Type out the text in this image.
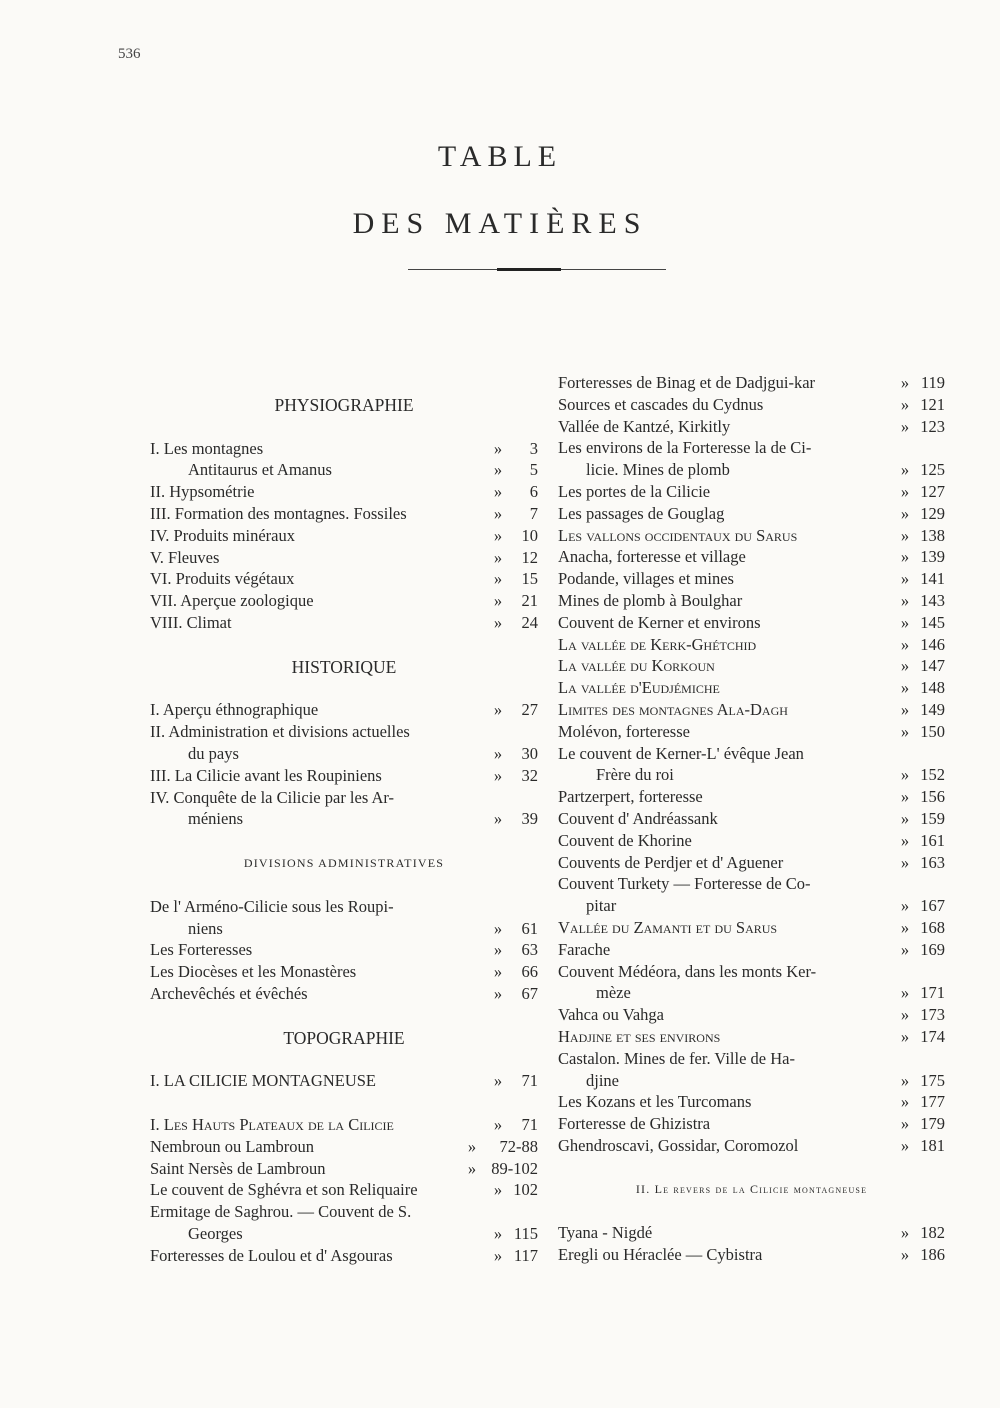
536
TABLE
DES MATIÈRES
PHYSIOGRAPHIE
I. Les montagnes	»	3
Antitaurus et Amanus	»	5
II. Hypsométrie	»	6
III. Formation des montagnes. Fossiles	»	7
IV. Produits minéraux	»	10
V. Fleuves	»	12
VI. Produits végétaux	»	15
VII. Aperçue zoologique	»	21
VIII. Climat	»	24
HISTORIQUE
I. Aperçu éthnographique	»	27
II. Administration et divisions actuelles
du pays	»	30
III. La Cilicie avant les Roupiniens	»	32
IV. Conquête de la Cilicie par les Ar-
méniens	»	39
DIVISIONS ADMINISTRATIVES
De l' Arméno-Cilicie sous les Roupi-
niens	»	61
Les Forteresses	»	63
Les Diocèses et les Monastères	»	66
Archevêchés et évêchés	»	67
TOPOGRAPHIE
I. LA CILICIE MONTAGNEUSE	»	71
I. Les Hauts Plateaux de la Cilicie	»	71
Nembroun ou Lambroun	»	72-88
Saint Nersès de Lambroun	» 89-102
Le couvent de Sghévra et son Reliquaire	» 102
Ermitage de Saghrou. — Couvent de S.
Georges	» 115
Forteresses de Loulou et d' Asgouras	» 117
Forteresses de Binag et de Dadjgui-kar	» 119
Sources et cascades du Cydnus	» 121
Vallée de Kantzé, Kirkitly	» 123
Les environs de la Forteresse la de Ci-
licie. Mines de plomb	» 125
Les portes de la Cilicie	» 127
Les passages de Gouglag	» 129
Les vallons occidentaux du Sarus	» 138
Anacha, forteresse et village	» 139
Podande, villages et mines	» 141
Mines de plomb à Boulghar	» 143
Couvent de Kerner et environs	» 145
La vallée de Kerk-Ghétchid	» 146
La vallée du Korkoun	» 147
La vallée d'Eudjémiche	» 148
Limites des montagnes Ala-Dagh	» 149
Molévon, forteresse	» 150
Le couvent de Kerner-L' évêque Jean
Frère du roi	» 152
Partzerpert, forteresse	» 156
Couvent d' Andréassank	» 159
Couvent de Khorine	» 161
Couvents de Perdjer et d' Aguener	» 163
Couvent Turkety — Forteresse de Co-
pitar	» 167
Vallée du Zamanti et du Sarus	» 168
Farache	» 169
Couvent Médéora, dans les monts Ker-
mèze	» 171
Vahca ou Vahga	» 173
Hadjine et ses environs	» 174
Castalon. Mines de fer. Ville de Ha-
djine	» 175
Les Kozans et les Turcomans	» 177
Forteresse de Ghizistra	» 179
Ghendroscavi, Gossidar, Coromozol	» 181
II. Le revers de la Cilicie montagneuse
Tyana - Nigdé	» 182
Eregli ou Héraclée — Cybistra	» 186
